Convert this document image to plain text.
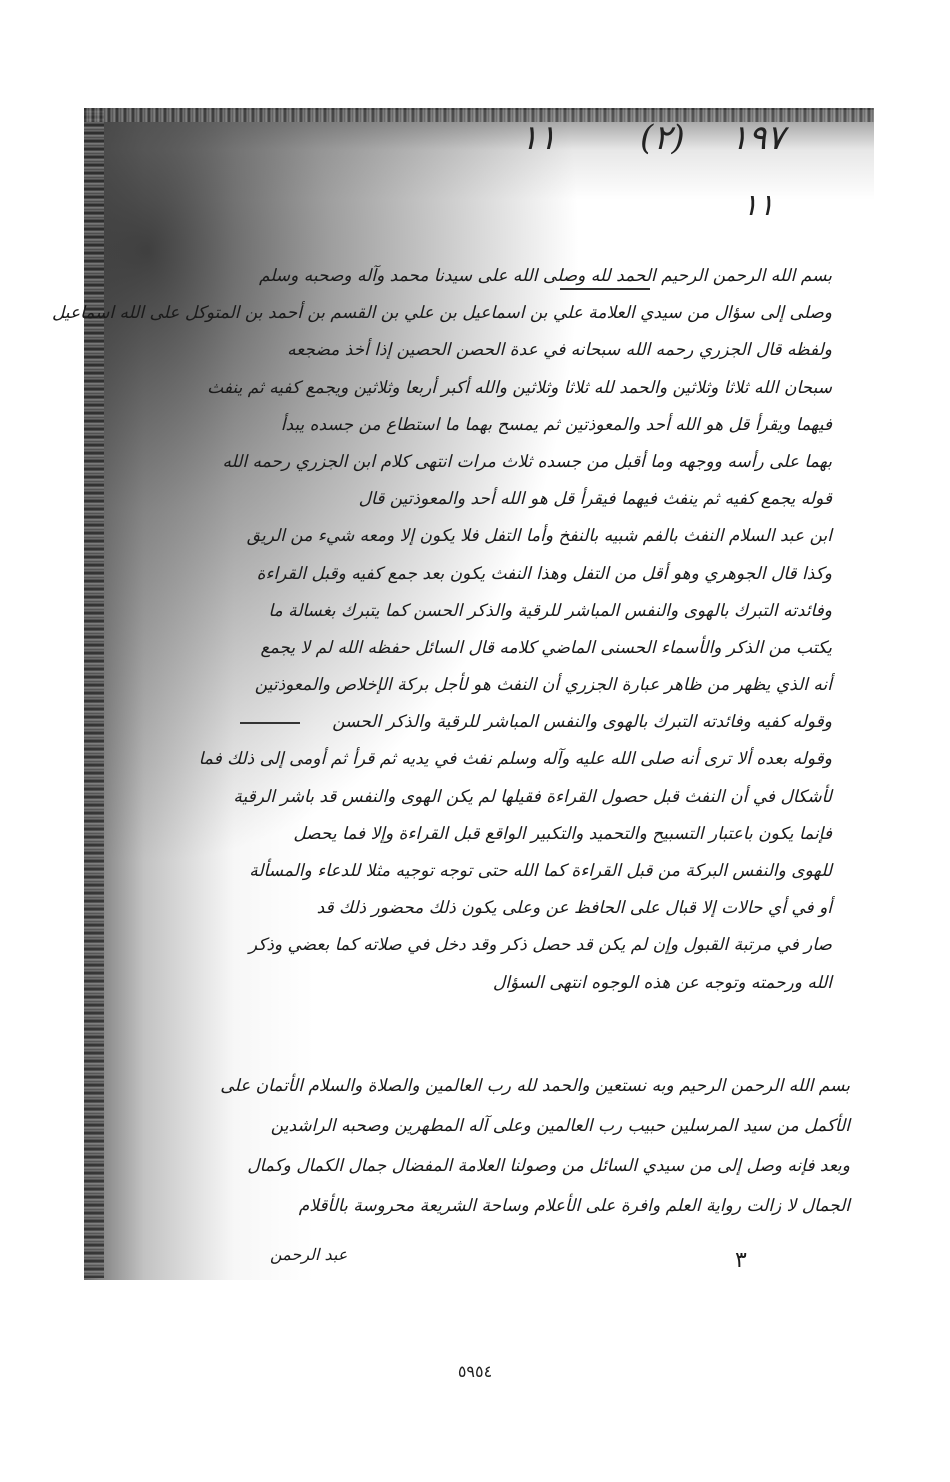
١٩٧
(٢)
١١
١١
بسم الله الرحمن الرحيم الحمد لله وصلى الله على سيدنا محمد وآله وصحبه وسلم
وصلى إلى سؤال من سيدي العلامة علي بن اسماعيل بن علي بن القسم بن أحمد بن المتوكل على الله اسماعيل
ولفظه قال الجزري رحمه الله سبحانه في عدة الحصن الحصين إذا أخذ مضجعه
سبحان الله ثلاثا وثلاثين والحمد لله ثلاثا وثلاثين والله أكبر أربعا وثلاثين ويجمع كفيه ثم ينفث
فيهما ويقرأ قل هو الله أحد والمعوذتين ثم يمسح بهما ما استطاع من جسده يبدأ
بهما على رأسه ووجهه وما أقبل من جسده ثلاث مرات انتهى كلام ابن الجزري رحمه الله
قوله يجمع كفيه ثم ينفث فيهما فيقرأ قل هو الله أحد والمعوذتين قال
ابن عبد السلام النفث بالفم شبيه بالنفخ وأما التفل فلا يكون إلا ومعه شيء من الريق
وكذا قال الجوهري وهو أقل من التفل وهذا النفث يكون بعد جمع كفيه وقبل القراءة
وفائدته التبرك بالهوى والنفس المباشر للرقية والذكر الحسن كما يتبرك بغسالة ما
يكتب من الذكر والأسماء الحسنى الماضي كلامه قال السائل حفظه الله لم لا يجمع
أنه الذي يظهر من ظاهر عبارة الجزري أن النفث هو لأجل بركة الإخلاص والمعوذتين
وقوله كفيه وفائدته التبرك بالهوى والنفس المباشر للرقية والذكر الحسن
وقوله بعده ألا ترى أنه صلى الله عليه وآله وسلم نفث في يديه ثم قرأ ثم أومى إلى ذلك فما
لأشكال في أن النفث قبل حصول القراءة فقيلها لم يكن الهوى والنفس قد باشر الرقية
فإنما يكون باعتبار التسبيح والتحميد والتكبير الواقع قبل القراءة وإلا فما يحصل
للهوى والنفس البركة من قبل القراءة كما الله حتى توجه توجيه مثلا للدعاء والمسألة
أو في أي حالات إلا قبال على الحافظ عن وعلى يكون ذلك محضور ذلك قد
صار في مرتبة القبول وإن لم يكن قد حصل ذكر وقد دخل في صلاته كما بعضي وذكر
الله ورحمته وتوجه عن هذه الوجوه انتهى السؤال
بسم الله الرحمن الرحيم وبه نستعين والحمد لله رب العالمين والصلاة والسلام الأتمان على
الأكمل من سيد المرسلين حبيب رب العالمين وعلى آله المطهرين وصحبه الراشدين
وبعد فإنه وصل إلى من سيدي السائل من وصولنا العلامة المفضال جمال الكمال وكمال
الجمال لا زالت رواية العلم وافرة على الأعلام وساحة الشريعة محروسة بالأقلام
عبد الرحمن	٣
٥٩٥٤
